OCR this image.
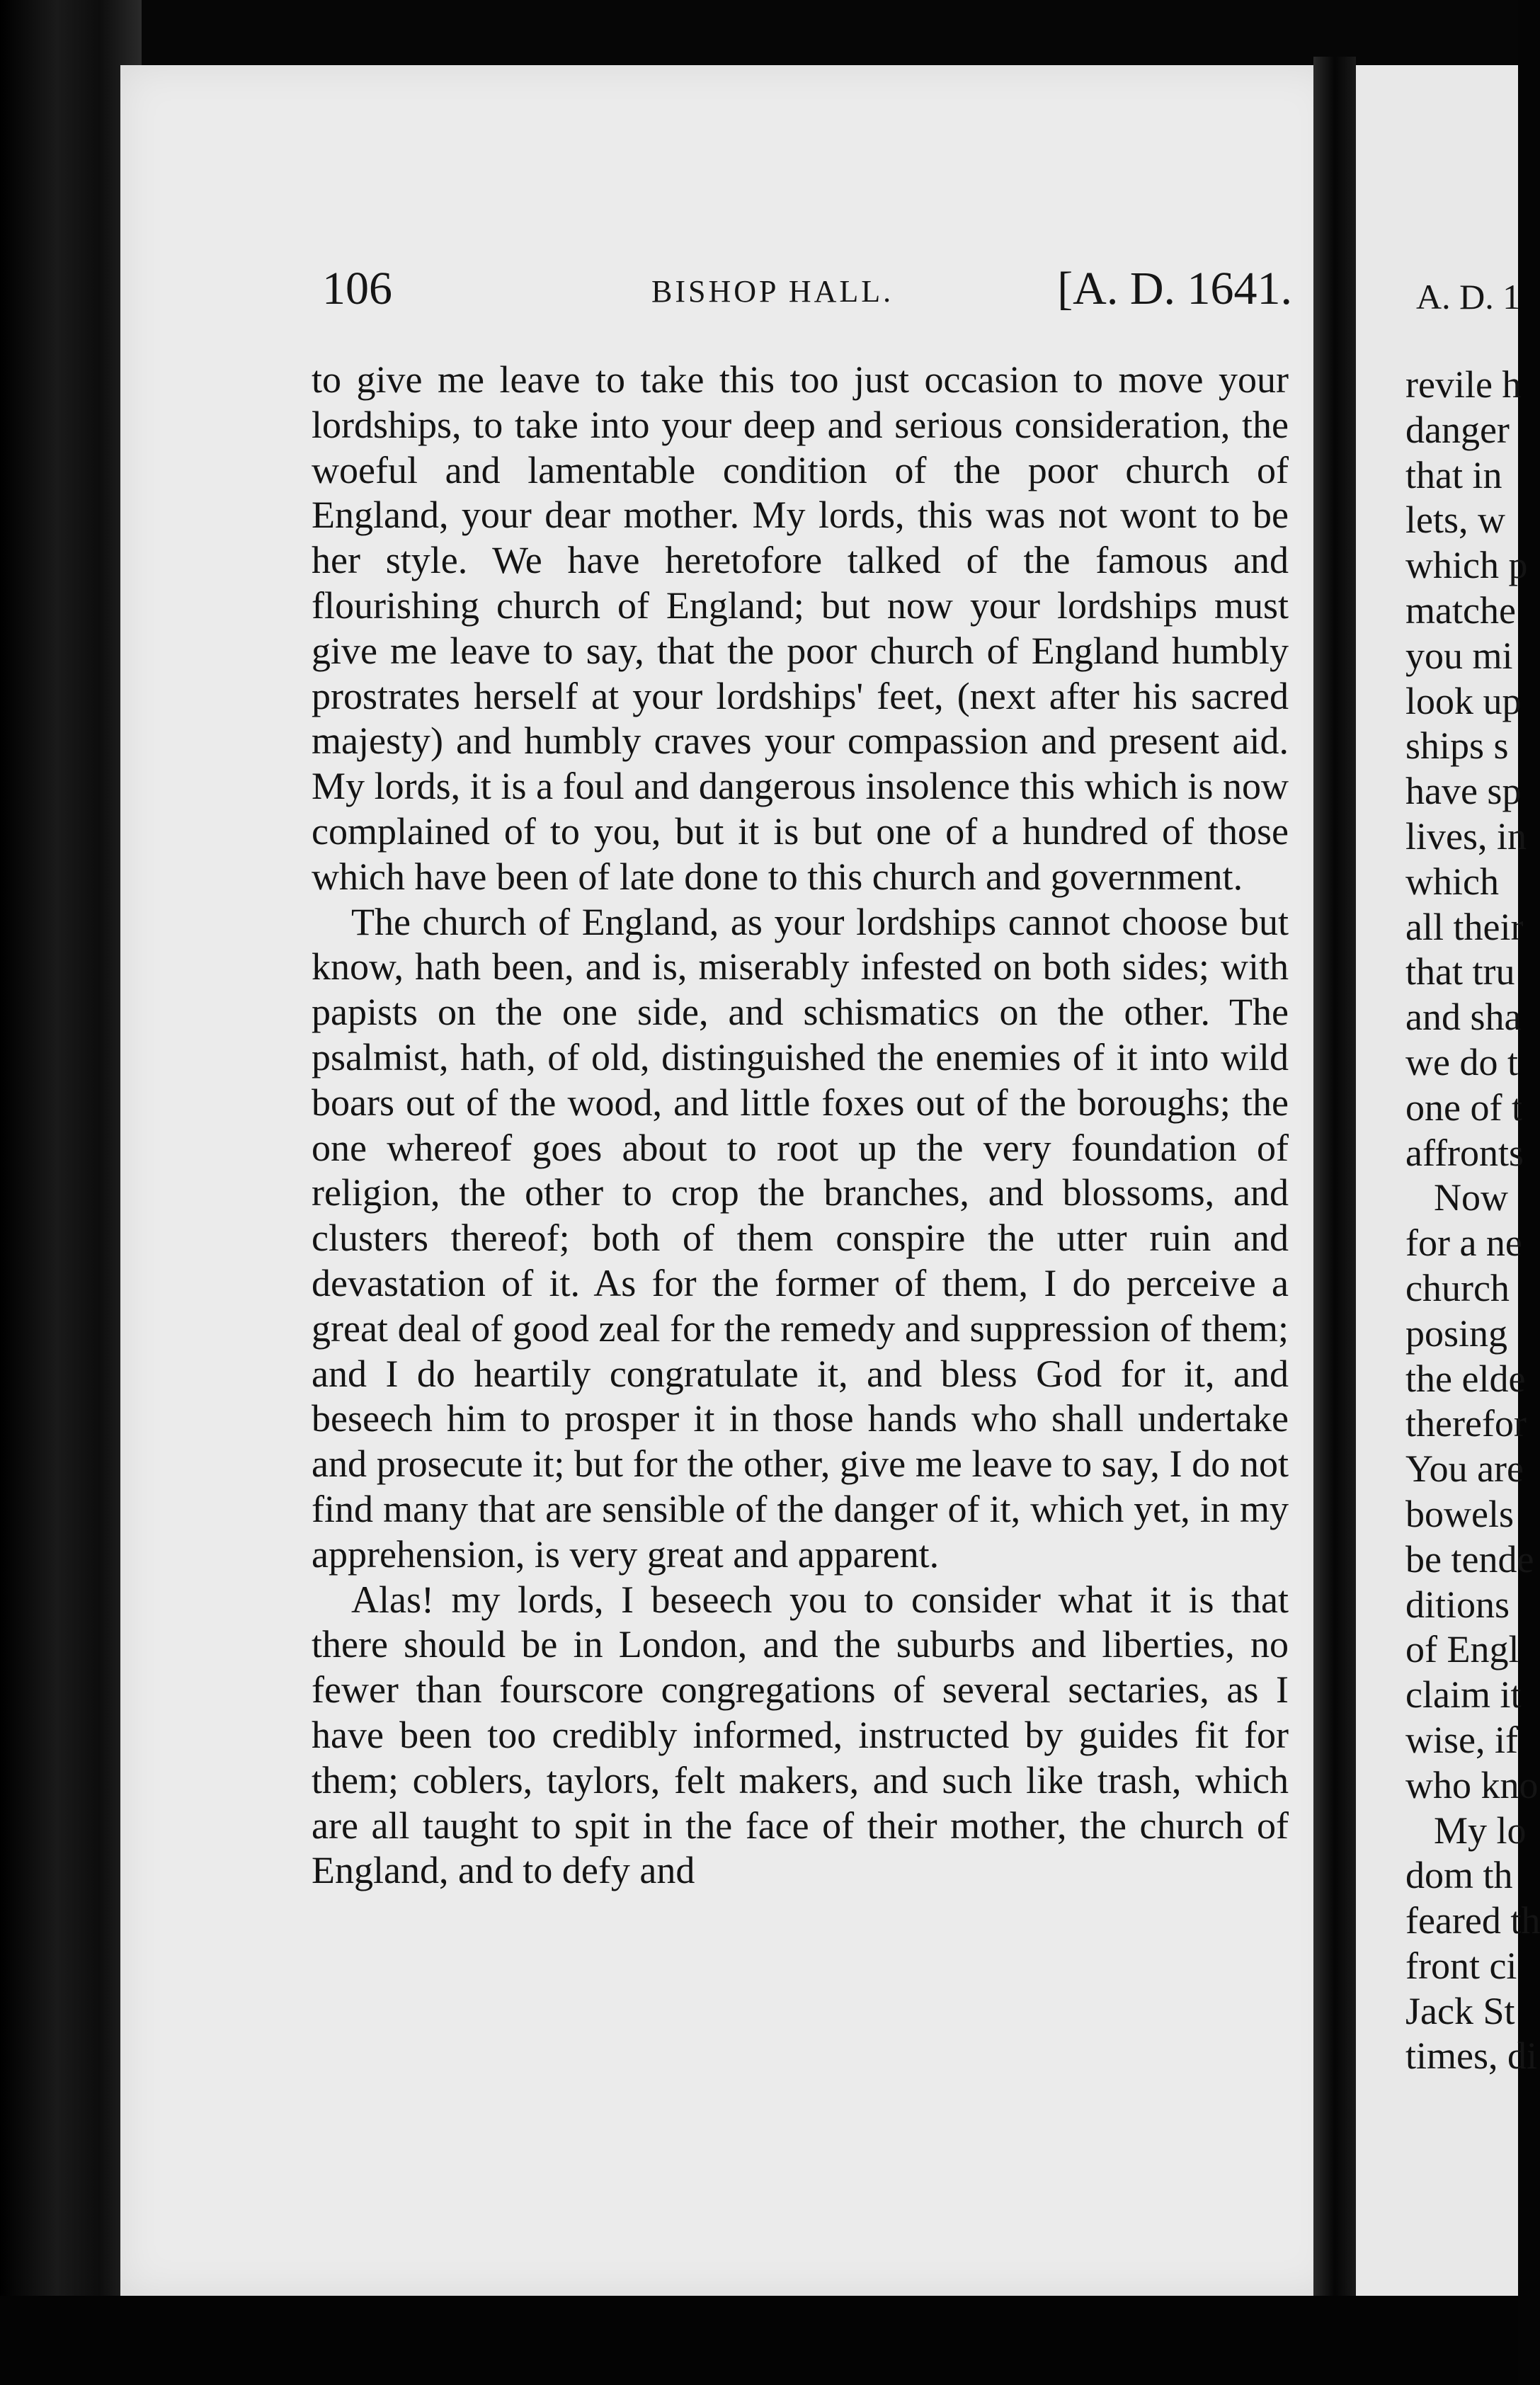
106	BISHOP HALL.	[A. D. 1641.

to give me leave to take this too just occasion to move your lordships, to take into your deep and serious consideration, the woeful and lamentable condition of the poor church of England, your dear mother. My lords, this was not wont to be her style. We have heretofore talked of the famous and flourishing church of England; but now your lordships must give me leave to say, that the poor church of England humbly prostrates herself at your lordships' feet, (next after his sacred majesty) and humbly craves your compassion and present aid. My lords, it is a foul and dangerous insolence this which is now complained of to you, but it is but one of a hundred of those which have been of late done to this church and government.

The church of England, as your lordships cannot choose but know, hath been, and is, miserably infested on both sides; with papists on the one side, and schismatics on the other. The psalmist, hath, of old, distinguished the enemies of it into wild boars out of the wood, and little foxes out of the boroughs; the one whereof goes about to root up the very foundation of religion, the other to crop the branches, and blossoms, and clusters thereof; both of them conspire the utter ruin and devastation of it. As for the former of them, I do perceive a great deal of good zeal for the remedy and suppression of them; and I do heartily congratulate it, and bless God for it, and beseech him to prosper it in those hands who shall undertake and prosecute it; but for the other, give me leave to say, I do not find many that are sensible of the danger of it, which yet, in my apprehension, is very great and apparent.

Alas! my lords, I beseech you to consider what it is that there should be in London, and the suburbs and liberties, no fewer than fourscore congregations of several sectaries, as I have been too credibly informed, instructed by guides fit for them; coblers, taylors, felt makers, and such like trash, which are all taught to spit in the face of their mother, the church of England, and to defy and

A. D. 1
revile h
danger
that in
lets, w
which p
matche
you mi
look up
ships s
have sp
lives, in
which
all their
that tru
and sha
we do t
one of t
affronts
Now
for a ne
church
posing
the elde
therefor
You are
bowels
be tende
ditions
of Engl
claim it
wise, if
who kno
My lo
dom th
feared th
front ci
Jack St
times, di
